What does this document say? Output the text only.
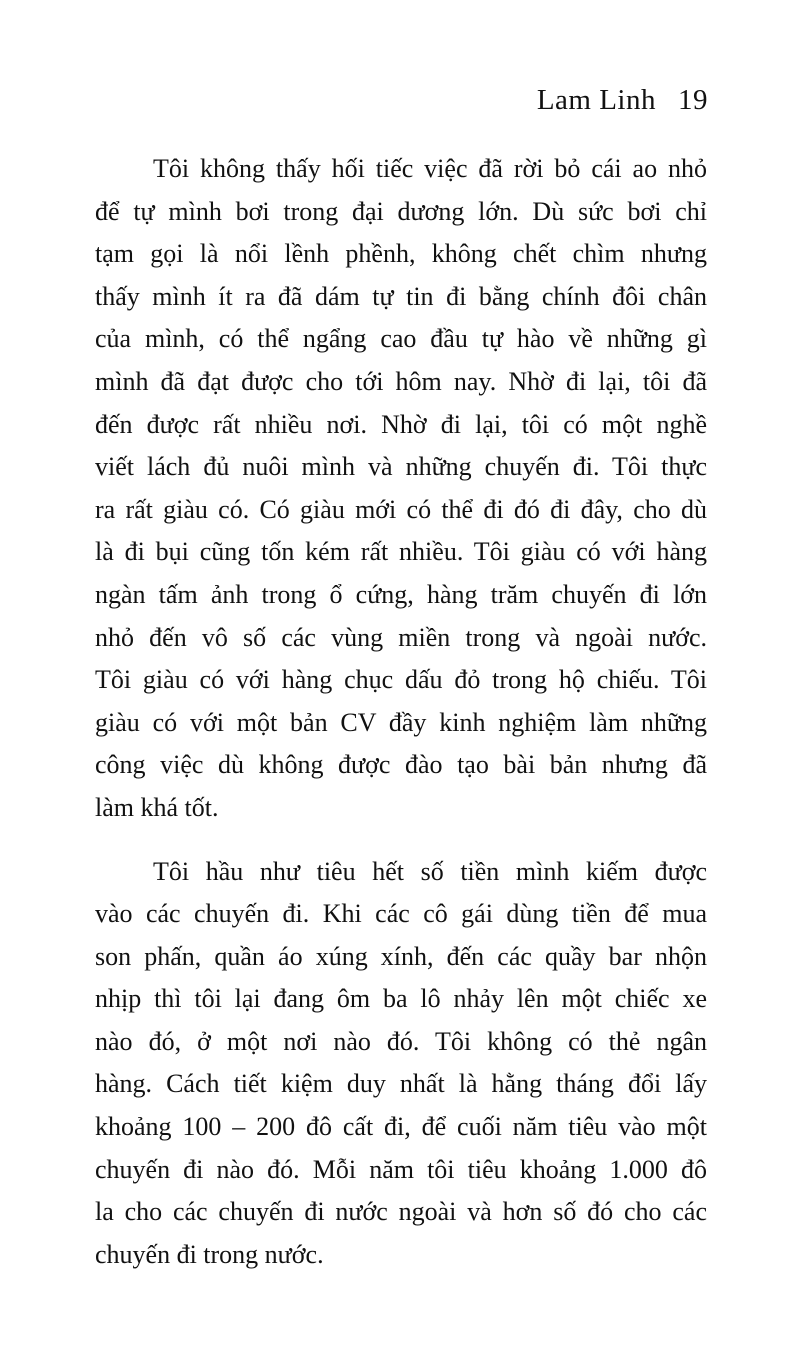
Lam Linh 19

Tôi không thấy hối tiếc việc đã rời bỏ cái ao nhỏ
để tự mình bơi trong đại dương lớn. Dù sức bơi chỉ
tạm gọi là nổi lềnh phềnh, không chết chìm nhưng
thấy mình ít ra đã dám tự tin đi bằng chính đôi chân
của mình, có thể ngẩng cao đầu tự hào về những gì
mình đã đạt được cho tới hôm nay. Nhờ đi lại, tôi đã
đến được rất nhiều nơi. Nhờ đi lại, tôi có một nghề
viết lách đủ nuôi mình và những chuyến đi. Tôi thực
ra rất giàu có. Có giàu mới có thể đi đó đi đây, cho dù
là đi bụi cũng tốn kém rất nhiều. Tôi giàu có với hàng
ngàn tấm ảnh trong ổ cứng, hàng trăm chuyến đi lớn
nhỏ đến vô số các vùng miền trong và ngoài nước.
Tôi giàu có với hàng chục dấu đỏ trong hộ chiếu. Tôi
giàu có với một bản CV đầy kinh nghiệm làm những
công việc dù không được đào tạo bài bản nhưng đã
làm khá tốt.

Tôi hầu như tiêu hết số tiền mình kiếm được
vào các chuyến đi. Khi các cô gái dùng tiền để mua
son phấn, quần áo xúng xính, đến các quầy bar nhộn
nhịp thì tôi lại đang ôm ba lô nhảy lên một chiếc xe
nào đó, ở một nơi nào đó. Tôi không có thẻ ngân
hàng. Cách tiết kiệm duy nhất là hằng tháng đổi lấy
khoảng 100 – 200 đô cất đi, để cuối năm tiêu vào một
chuyến đi nào đó. Mỗi năm tôi tiêu khoảng 1.000 đô
la cho các chuyến đi nước ngoài và hơn số đó cho các
chuyến đi trong nước.
